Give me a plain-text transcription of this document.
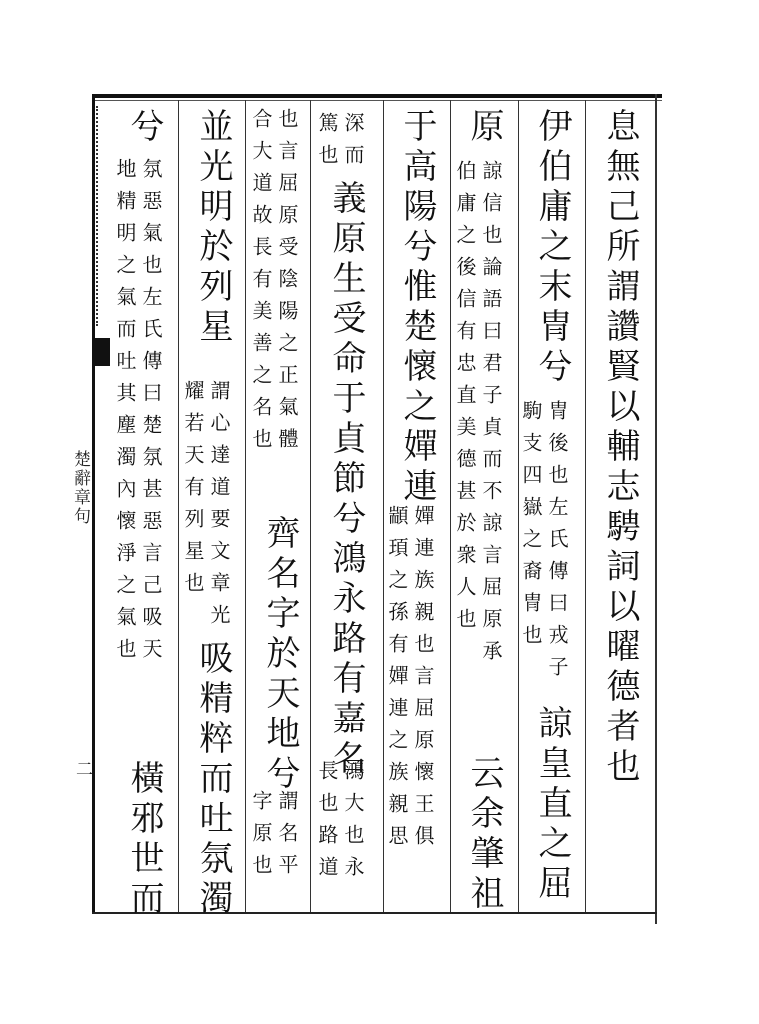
息無己所謂讚賢以輔志騁詞以曜德者也
伊伯庸之末冑兮
冑後也左氏傳曰戎子
駒支四嶽之裔冑也
諒皇直之屈
原
諒信也論語曰君子貞而不諒言屈原承
伯庸之後信有忠直美德甚於衆人也
云余肇祖
于高陽兮惟楚懷之嬋連
嬋連族親也言屈原懷王俱
顓頊之孫有嬋連之族親思
深而
篤也
義原生受命于貞節兮鴻永路有嘉名
鴻大也永
長也路道
也言屈原受陰陽之正氣體
合大道故長有美善之名也
齊名字於天地兮
謂名平
字原也
並光明於列星
謂心達道要文章光
耀若天有列星也
吸精粹而吐氛濁
兮
氛惡氣也左氏傳曰楚氛甚惡言己吸天
地精明之氣而吐其塵濁內懷淨之氣也
橫邪世而
楚辭章句
二
